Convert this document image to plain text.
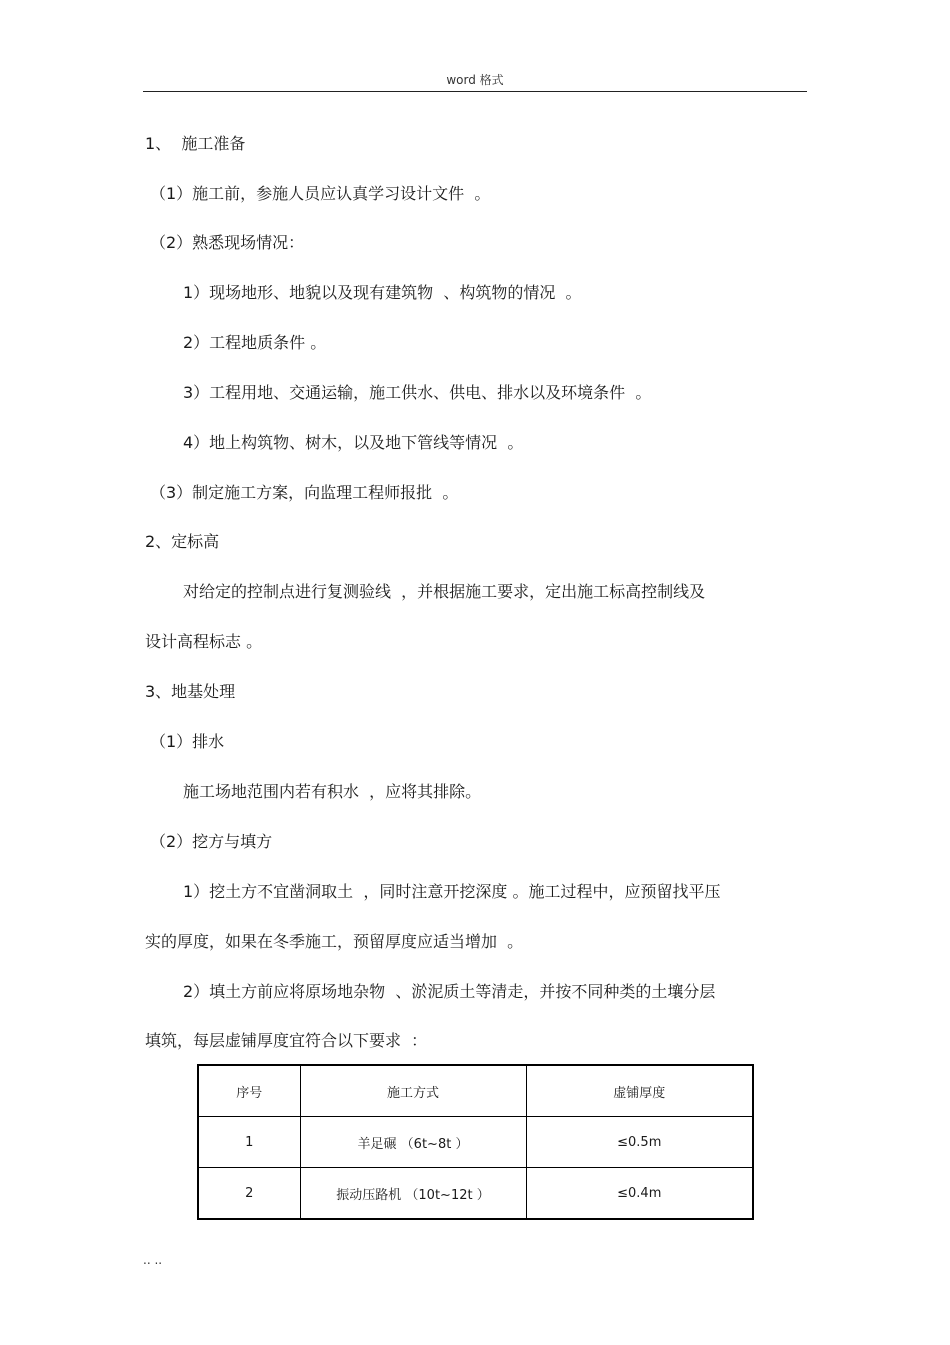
word 格式
1、  施工准备
（1）施工前，参施人员应认真学习设计文件  。
（2）熟悉现场情况：
1）现场地形、地貌以及现有建筑物  、构筑物的情况  。
2）工程地质条件 。
3）工程用地、交通运输，施工供水、供电、排水以及环境条件  。
4）地上构筑物、树木，以及地下管线等情况  。
（3）制定施工方案，向监理工程师报批  。
2、定标高
对给定的控制点进行复测验线  ，并根据施工要求，定出施工标高控制线及
设计高程标志 。
3、地基处理
（1）排水
施工场地范围内若有积水  ，应将其排除。
（2）挖方与填方
1）挖土方不宜凿洞取土  ，同时注意开挖深度 。施工过程中，应预留找平压
实的厚度，如果在冬季施工，预留厚度应适当增加  。
2）填土方前应将原场地杂物  、淤泥质土等清走，并按不同种类的土壤分层
填筑，每层虚铺厚度宜符合以下要求  ：
序号	施工方式	虚铺厚度
1	羊足碾 （6t~8t ）	≤0.5m
2	振动压路机 （10t~12t ）	≤0.4m
.. ..
